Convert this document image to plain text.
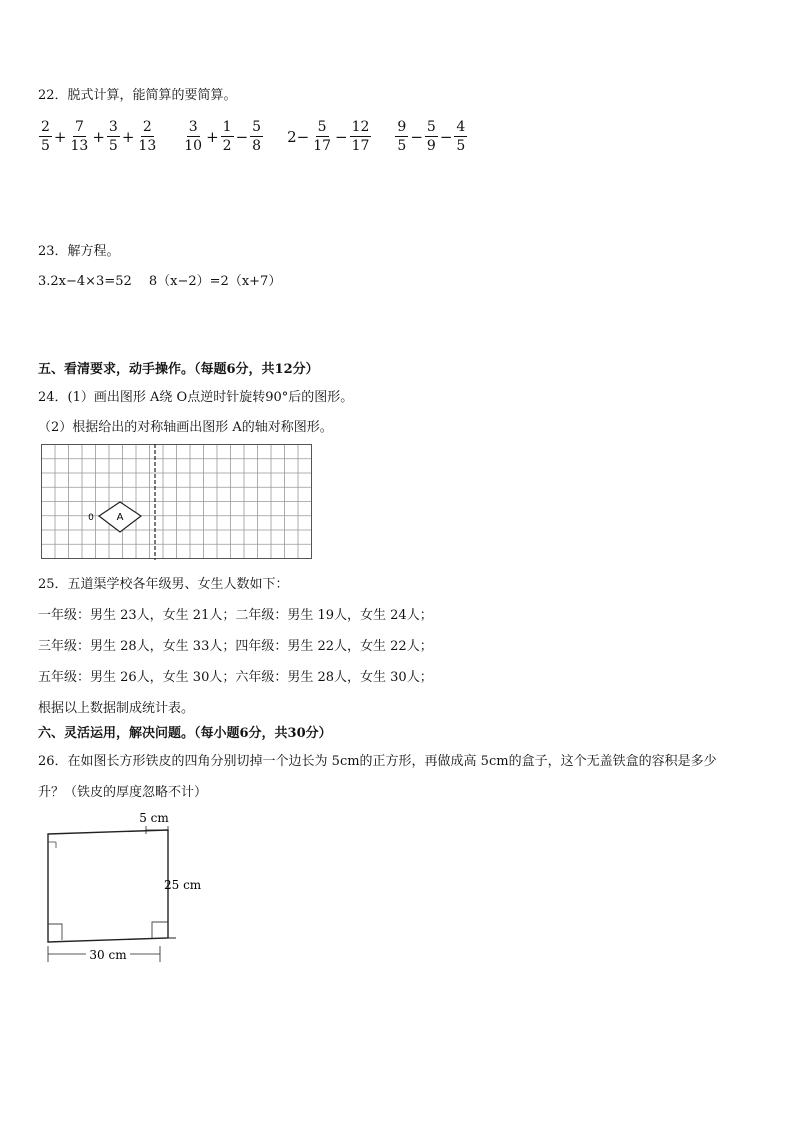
22．脱式计算，能简算的要简算。
$\frac{2}{5} + \frac{7}{13} + \frac{3}{5} + \frac{2}{13} \frac{3}{10} + \frac{1}{2} - \frac{5}{8} 2- \frac{5}{17} - \frac{12}{17} \frac{9}{5} - \frac{5}{9} - \frac{4}{5}$
23．解方程。
3.2x−4×3=52　 8（x−2）=2（x+7）
五、看清要求，动手操作。（每题6分，共12分）
24．(1）画出图形 A绕 O点逆时针旋转90°后的图形。
（2）根据给出的对称轴画出图形 A的轴对称图形。
A
0
25．五道渠学校各年级男、女生人数如下：
一年级：男生 23人，女生 21人；二年级：男生 19人，女生 24人；
三年级：男生 28人，女生 33人；四年级：男生 22人，女生 22人；
五年级：男生 26人，女生 30人；六年级：男生 28人，女生 30人；
根据以上数据制成统计表。
六、灵活运用，解决问题。（每小题6分，共30分）
26．在如图长方形铁皮的四角分别切掉一个边长为 5cm的正方形，再做成高 5cm的盒子，这个无盖铁盒的容积是多少
升？（铁皮的厚度忽略不计）
5 cm
25 cm
30 cm
